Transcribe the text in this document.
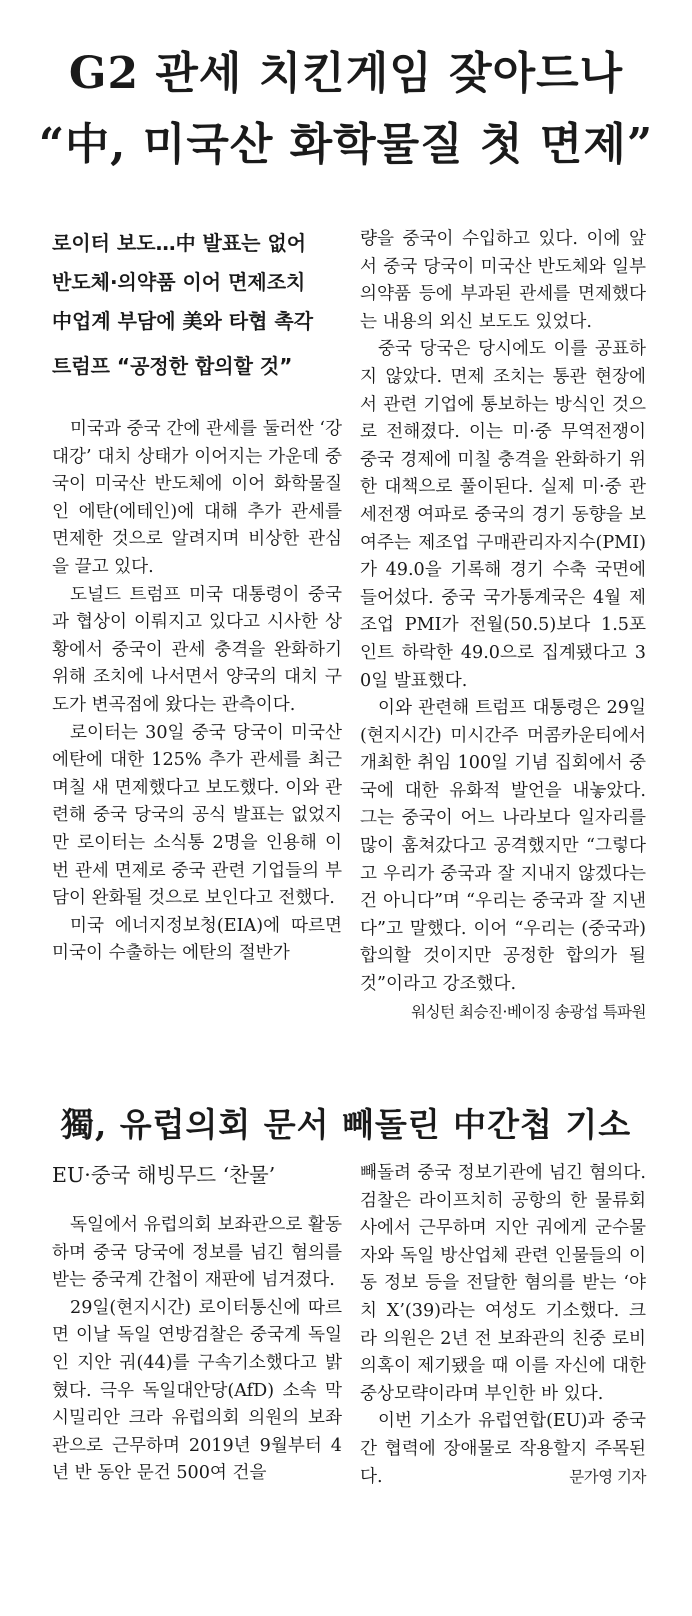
G2 관세 치킨게임 잦아드나
“中, 미국산 화학물질 첫 면제”
로이터 보도…中 발표는 없어
반도체·의약품 이어 면제조치
中업계 부담에 美와 타협 촉각
트럼프 “공정한 합의할 것”

미국과 중국 간에 관세를 둘러싼 ‘강대강’ 대치 상태가 이어지는 가운데 중국이 미국산 반도체에 이어 화학물질인 에탄(에테인)에 대해 추가 관세를 면제한 것으로 알려지며 비상한 관심을 끌고 있다.

도널드 트럼프 미국 대통령이 중국과 협상이 이뤄지고 있다고 시사한 상황에서 중국이 관세 충격을 완화하기 위해 조치에 나서면서 양국의 대치 구도가 변곡점에 왔다는 관측이다.

로이터는 30일 중국 당국이 미국산 에탄에 대한 125% 추가 관세를 최근 며칠 새 면제했다고 보도했다. 이와 관련해 중국 당국의 공식 발표는 없었지만 로이터는 소식통 2명을 인용해 이번 관세 면제로 중국 관련 기업들의 부담이 완화될 것으로 보인다고 전했다.

미국 에너지정보청(EIA)에 따르면 미국이 수출하는 에탄의 절반가

량을 중국이 수입하고 있다. 이에 앞서 중국 당국이 미국산 반도체와 일부 의약품 등에 부과된 관세를 면제했다는 내용의 외신 보도도 있었다.

중국 당국은 당시에도 이를 공표하지 않았다. 면제 조치는 통관 현장에서 관련 기업에 통보하는 방식인 것으로 전해졌다. 이는 미·중 무역전쟁이 중국 경제에 미칠 충격을 완화하기 위한 대책으로 풀이된다. 실제 미·중 관세전쟁 여파로 중국의 경기 동향을 보여주는 제조업 구매관리자지수(PMI)가 49.0을 기록해 경기 수축 국면에 들어섰다. 중국 국가통계국은 4월 제조업 PMI가 전월(50.5)보다 1.5포인트 하락한 49.0으로 집계됐다고 30일 발표했다.

이와 관련해 트럼프 대통령은 29일(현지시간) 미시간주 머콤카운티에서 개최한 취임 100일 기념 집회에서 중국에 대한 유화적 발언을 내놓았다. 그는 중국이 어느 나라보다 일자리를 많이 훔쳐갔다고 공격했지만 “그렇다고 우리가 중국과 잘 지내지 않겠다는 건 아니다”며 “우리는 중국과 잘 지낸다”고 말했다. 이어 “우리는 (중국과) 합의할 것이지만 공정한 합의가 될 것”이라고 강조했다.
워싱턴 최승진·베이징 송광섭 특파원

獨, 유럽의회 문서 빼돌린 中간첩 기소
EU·중국 해빙무드 ‘찬물’

독일에서 유럽의회 보좌관으로 활동하며 중국 당국에 정보를 넘긴 혐의를 받는 중국계 간첩이 재판에 넘겨졌다.

29일(현지시간) 로이터통신에 따르면 이날 독일 연방검찰은 중국계 독일인 지안 궈(44)를 구속기소했다고 밝혔다. 극우 독일대안당(AfD) 소속 막시밀리안 크라 유럽의회 의원의 보좌관으로 근무하며 2019년 9월부터 4년 반 동안 문건 500여 건을

빼돌려 중국 정보기관에 넘긴 혐의다. 검찰은 라이프치히 공항의 한 물류회사에서 근무하며 지안 궈에게 군수물자와 독일 방산업체 관련 인물들의 이동 정보 등을 전달한 혐의를 받는 ‘야치 X’(39)라는 여성도 기소했다. 크라 의원은 2년 전 보좌관의 친중 로비 의혹이 제기됐을 때 이를 자신에 대한 중상모략이라며 부인한 바 있다.

이번 기소가 유럽연합(EU)과 중국 간 협력에 장애물로 작용할지 주목된다.	문가영 기자
